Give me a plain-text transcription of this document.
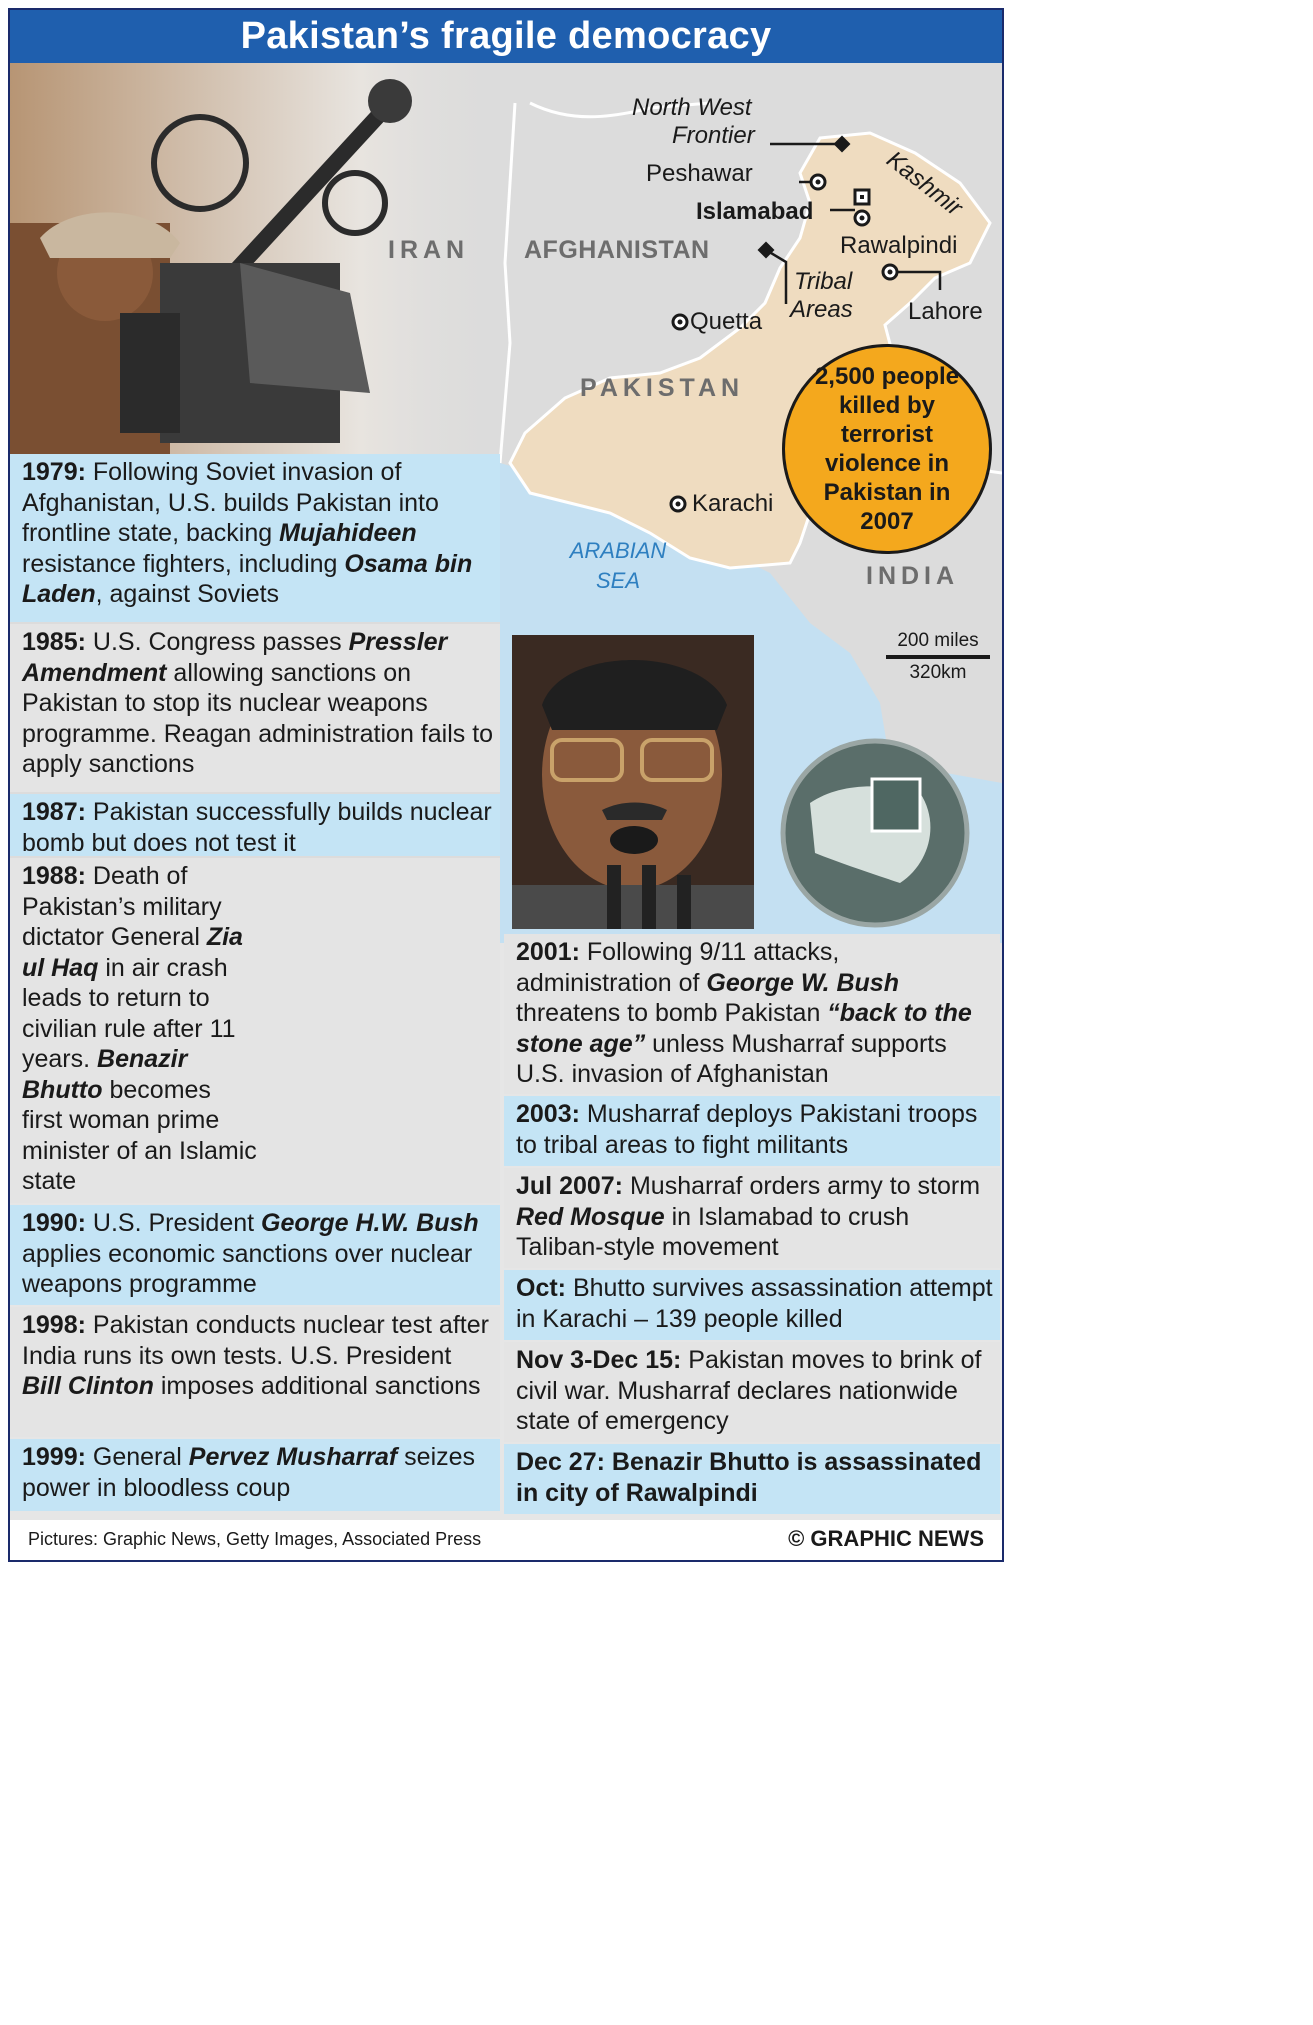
Pakistan’s fragile democracy
IRAN AFGHANISTAN
PAKISTAN
INDIA
ARABIAN
SEA
North West
Frontier
Peshawar
Islamabad
Rawalpindi
Lahore
Quetta
Karachi
Tribal
Areas
Kashmir
2,500 people killed by terrorist violence in Pakistan in 2007
200 miles
320km
1979: Following Soviet invasion of Afghanistan, U.S. builds Pakistan into frontline state, backing Mujahideen resistance fighters, including Osama bin Laden, against Soviets
1985: U.S. Congress passes Pressler Amendment allowing sanctions on Pakistan to stop its nuclear weapons programme. Reagan administration fails to apply sanctions
1987: Pakistan successfully builds nuclear bomb but does not test it
1988: Death of Pakistan’s military dictator General Zia ul Haq in air crash leads to return to civilian rule after 11 years. Benazir Bhutto becomes first woman prime minister of an Islamic state
1990: U.S. President George H.W. Bush applies economic sanctions over nuclear weapons programme
1998: Pakistan conducts nuclear test after India runs its own tests. U.S. President Bill Clinton imposes additional sanctions
1999: General Pervez Musharraf seizes power in bloodless coup
2001: Following 9/11 attacks, administration of George W. Bush threatens to bomb Pakistan “back to the stone age” unless Musharraf supports U.S. invasion of Afghanistan
2003: Musharraf deploys Pakistani troops to tribal areas to fight militants
Jul 2007: Musharraf orders army to storm Red Mosque in Islamabad to crush Taliban-style movement
Oct: Bhutto survives assassination attempt in Karachi – 139 people killed
Nov 3-Dec 15: Pakistan moves to brink of civil war. Musharraf declares nationwide state of emergency
Dec 27: Benazir Bhutto is assassinated in city of Rawalpindi
Pictures: Graphic News, Getty Images, Associated Press	© GRAPHIC NEWS
